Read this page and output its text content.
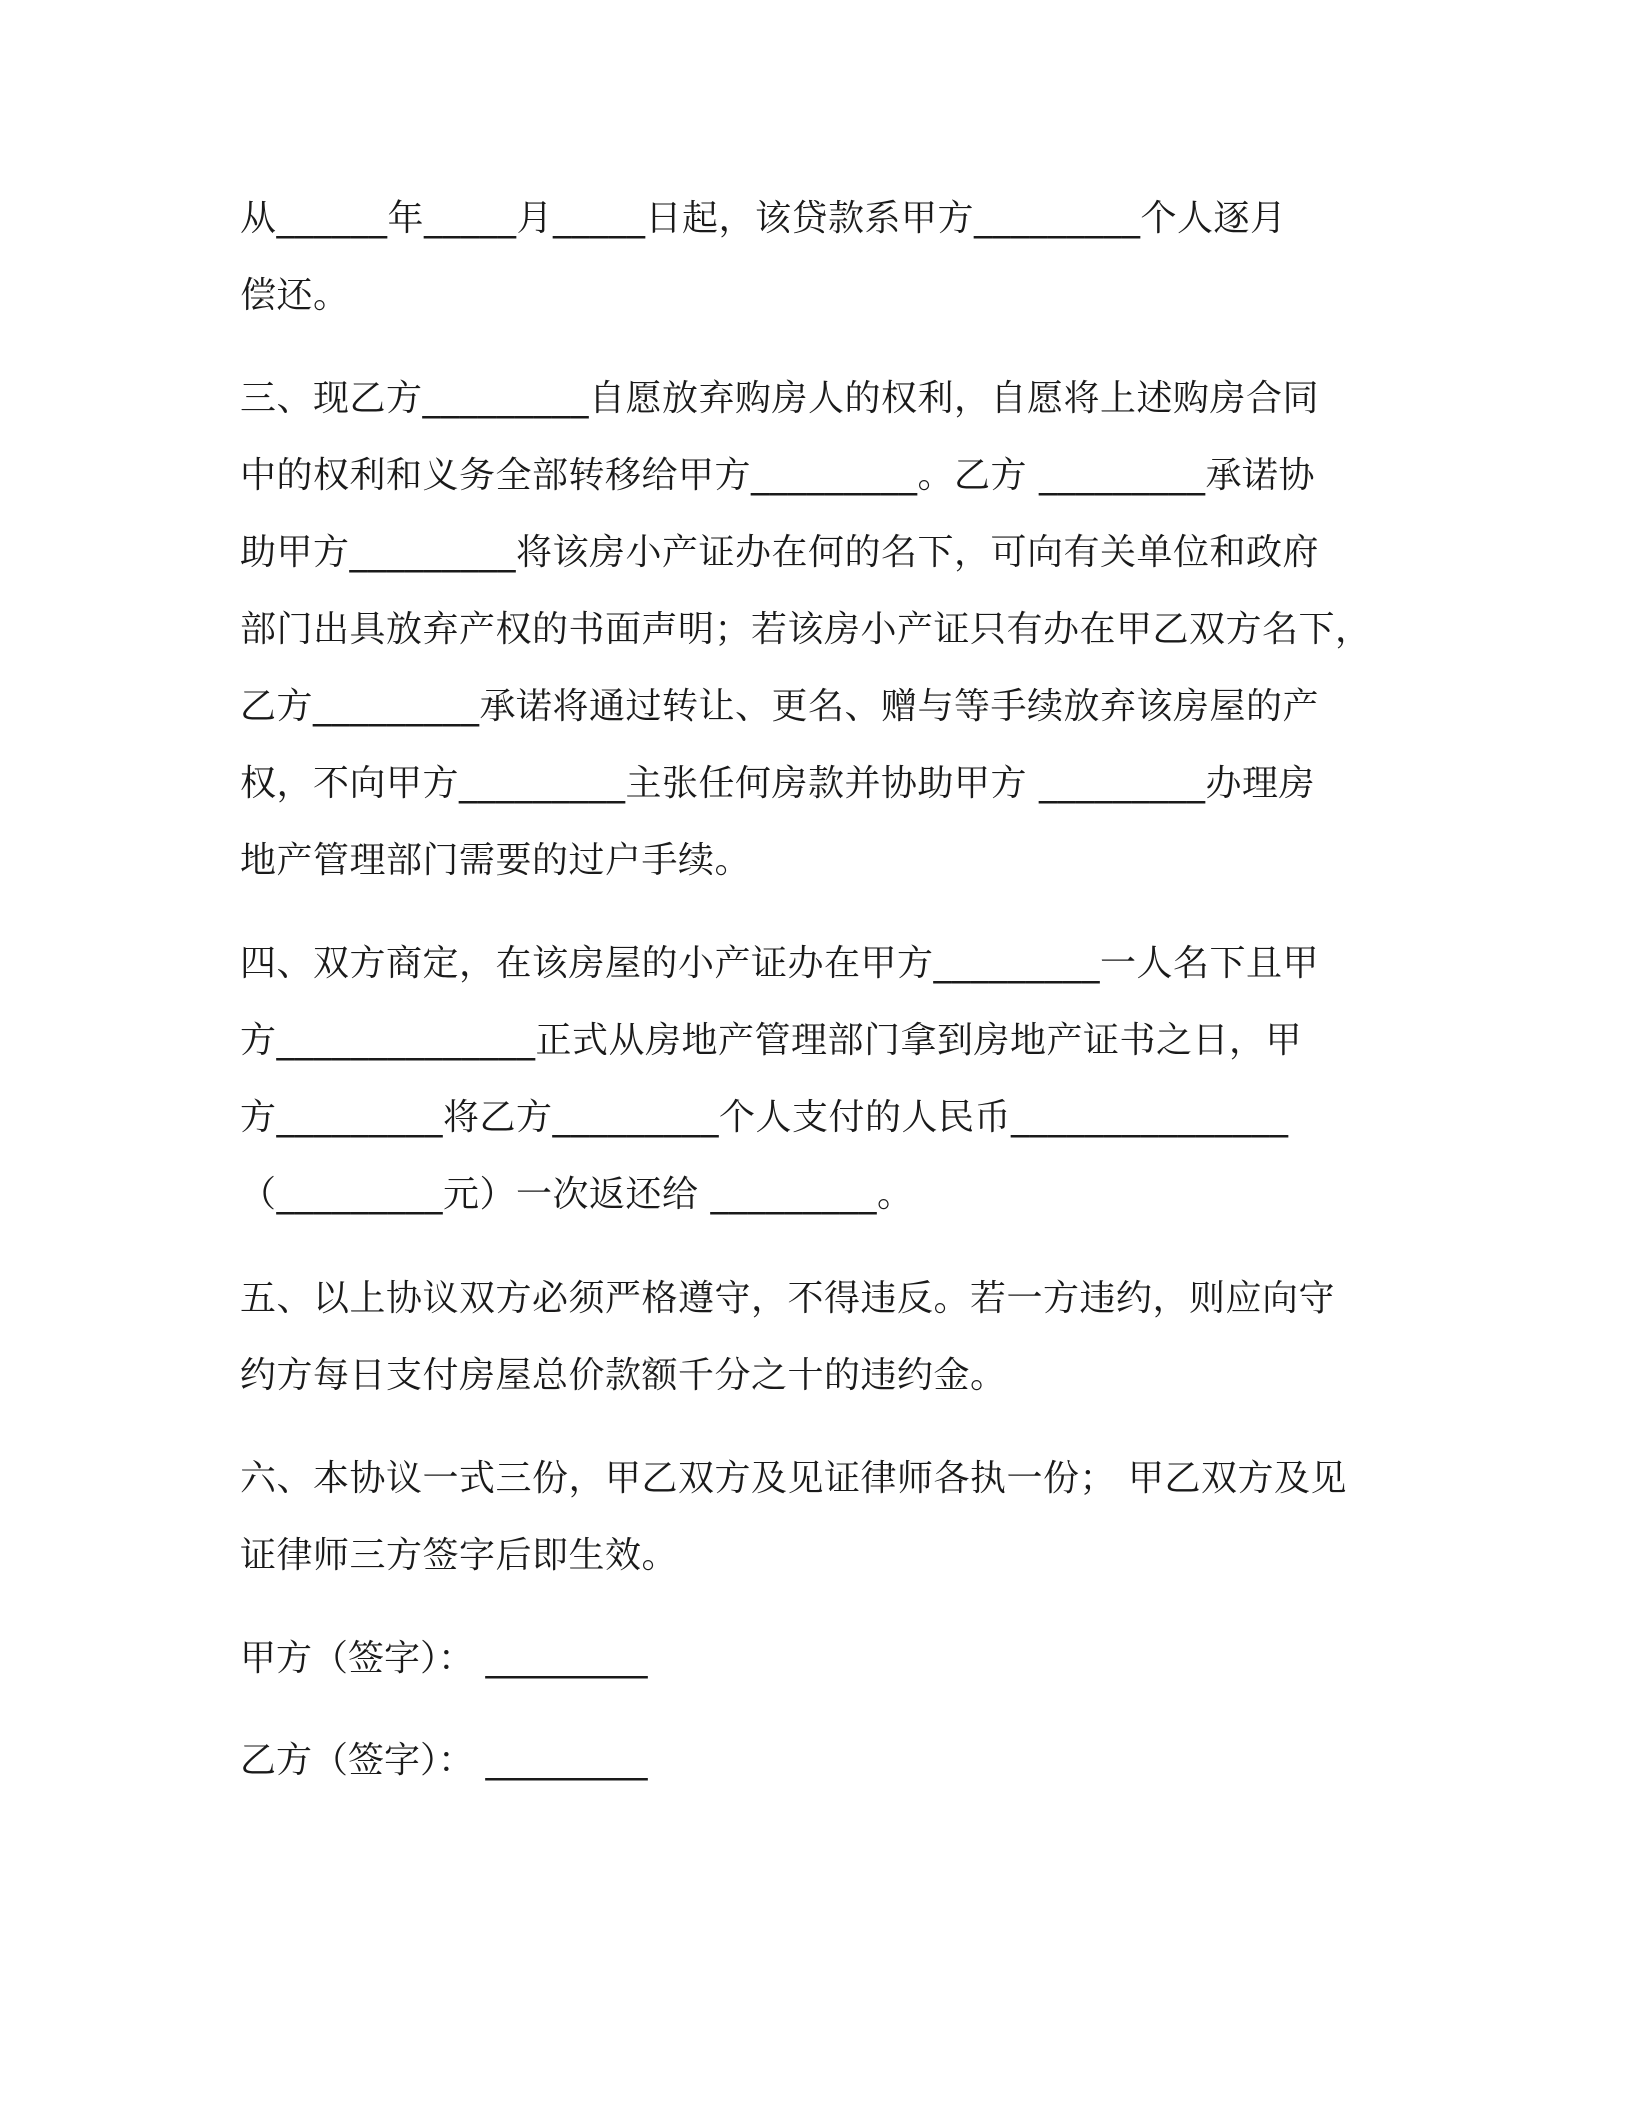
从______年_____月_____日起，该贷款系甲方_________个人逐月
偿还。
三、现乙方_________自愿放弃购房人的权利，自愿将上述购房合同
中的权利和义务全部转移给甲方_________。乙方 _________承诺协
助甲方_________将该房小产证办在何的名下，可向有关单位和政府
部门出具放弃产权的书面声明；若该房小产证只有办在甲乙双方名下，
乙方_________承诺将通过转让、更名、赠与等手续放弃该房屋的产
权，不向甲方_________主张任何房款并协助甲方 _________办理房
地产管理部门需要的过户手续。
四、双方商定，在该房屋的小产证办在甲方_________一人名下且甲
方______________正式从房地产管理部门拿到房地产证书之日，甲
方_________将乙方_________个人支付的人民币_______________
（_________元）一次返还给 _________。
五、以上协议双方必须严格遵守，不得违反。若一方违约，则应向守
约方每日支付房屋总价款额千分之十的违约金。
六、本协议一式三份，甲乙双方及见证律师各执一份； 甲乙双方及见
证律师三方签字后即生效。
甲方（签字）： _________
乙方（签字）： _________
